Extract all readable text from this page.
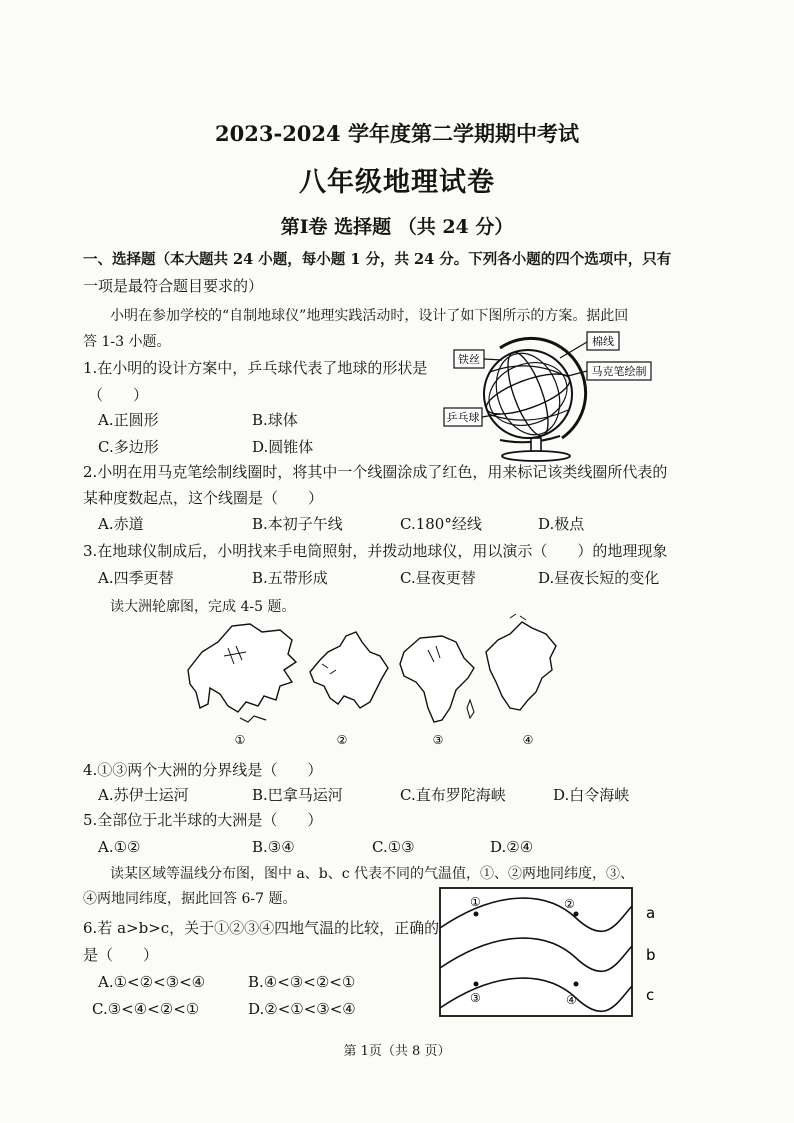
2023-2024 学年度第二学期期中考试
八年级地理试卷
第Ⅰ卷 选择题 （共 24 分）
一、选择题（本大题共 24 小题，每小题 1 分，共 24 分。下列各小题的四个选项中，只有
一项是最符合题目要求的）
小明在参加学校的“自制地球仪”地理实践活动时，设计了如下图所示的方案。据此回
答 1-3 小题。
1.在小明的设计方案中，乒乓球代表了地球的形状是
（　　）
A.正圆形	B.球体
C.多边形	D.圆锥体
铁丝
乒乓球
棉线
马克笔绘制
2.小明在用马克笔绘制线圈时，将其中一个线圈涂成了红色，用来标记该类线圈所代表的
某种度数起点，这个线圈是（　　）
A.赤道	B.本初子午线	C.180°经线	D.极点
3.在地球仪制成后，小明找来手电筒照射，并拨动地球仪，用以演示（　　）的地理现象
A.四季更替	B.五带形成	C.昼夜更替	D.昼夜长短的变化
读大洲轮廓图，完成 4-5 题。
①	②	③	④
4.①③两个大洲的分界线是（　　）
A.苏伊士运河	B.巴拿马运河	C.直布罗陀海峡	D.白令海峡
5.全部位于北半球的大洲是（　　）
A.①②	B.③④	C.①③	D.②④
读某区域等温线分布图，图中 a、b、c 代表不同的气温值，①、②两地同纬度，③、
④两地同纬度，据此回答 6-7 题。
6.若 a>b>c，关于①②③④四地气温的比较，正确的
是（　　）
A.①<②<③<④	B.④<③<②<①
C.③<④<②<①	D.②<①<③<④
a
b
c
①	②
③	④
第 1页（共 8 页）
